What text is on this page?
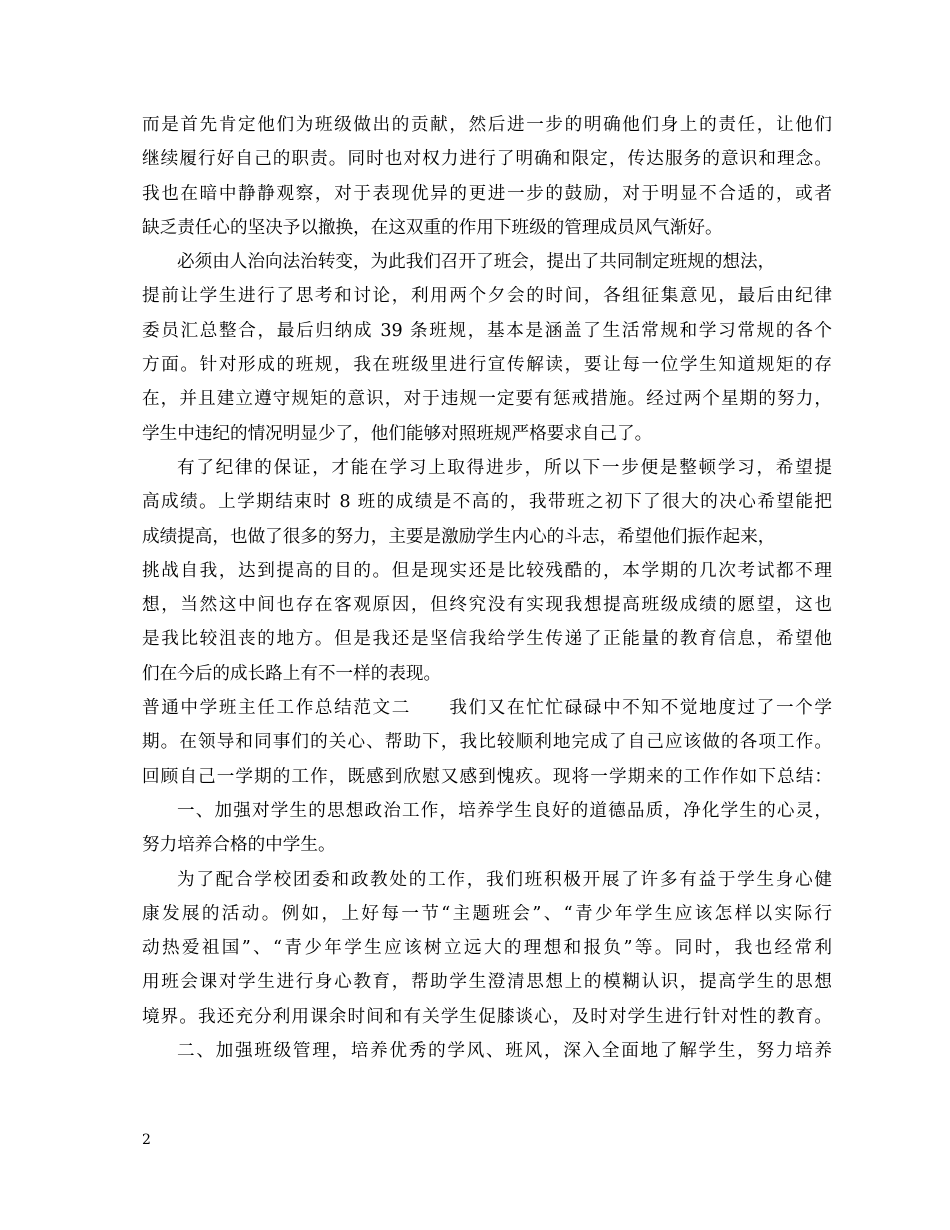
而是首先肯定他们为班级做出的贡献，然后进一步的明确他们身上的责任，让他们
继续履行好自己的职责。同时也对权力进行了明确和限定，传达服务的意识和理念。
我也在暗中静静观察，对于表现优异的更进一步的鼓励，对于明显不合适的，或者
缺乏责任心的坚决予以撤换，在这双重的作用下班级的管理成员风气渐好。
必须由人治向法治转变，为此我们召开了班会，提出了共同制定班规的想法，
提前让学生进行了思考和讨论，利用两个夕会的时间，各组征集意见，最后由纪律
委员汇总整合，最后归纳成 39 条班规，基本是涵盖了生活常规和学习常规的各个
方面。针对形成的班规，我在班级里进行宣传解读，要让每一位学生知道规矩的存
在，并且建立遵守规矩的意识，对于违规一定要有惩戒措施。经过两个星期的努力，
学生中违纪的情况明显少了，他们能够对照班规严格要求自己了。
有了纪律的保证，才能在学习上取得进步，所以下一步便是整顿学习，希望提
高成绩。上学期结束时 8 班的成绩是不高的，我带班之初下了很大的决心希望能把
成绩提高，也做了很多的努力，主要是激励学生内心的斗志，希望他们振作起来，
挑战自我，达到提高的目的。但是现实还是比较残酷的，本学期的几次考试都不理
想，当然这中间也存在客观原因，但终究没有实现我想提高班级成绩的愿望，这也
是我比较沮丧的地方。但是我还是坚信我给学生传递了正能量的教育信息，希望他
们在今后的成长路上有不一样的表现。
普通中学班主任工作总结范文二　　我们又在忙忙碌碌中不知不觉地度过了一个学
期。在领导和同事们的关心、帮助下，我比较顺利地完成了自己应该做的各项工作。
回顾自己一学期的工作，既感到欣慰又感到愧疚。现将一学期来的工作作如下总结：
一、加强对学生的思想政治工作，培养学生良好的道德品质，净化学生的心灵，
努力培养合格的中学生。
为了配合学校团委和政教处的工作，我们班积极开展了许多有益于学生身心健
康发展的活动。例如，上好每一节“主题班会”、“青少年学生应该怎样以实际行
动热爱祖国”、“青少年学生应该树立远大的理想和报负”等。同时，我也经常利
用班会课对学生进行身心教育，帮助学生澄清思想上的模糊认识，提高学生的思想
境界。我还充分利用课余时间和有关学生促膝谈心，及时对学生进行针对性的教育。
二、加强班级管理，培养优秀的学风、班风，深入全面地了解学生，努力培养
2
